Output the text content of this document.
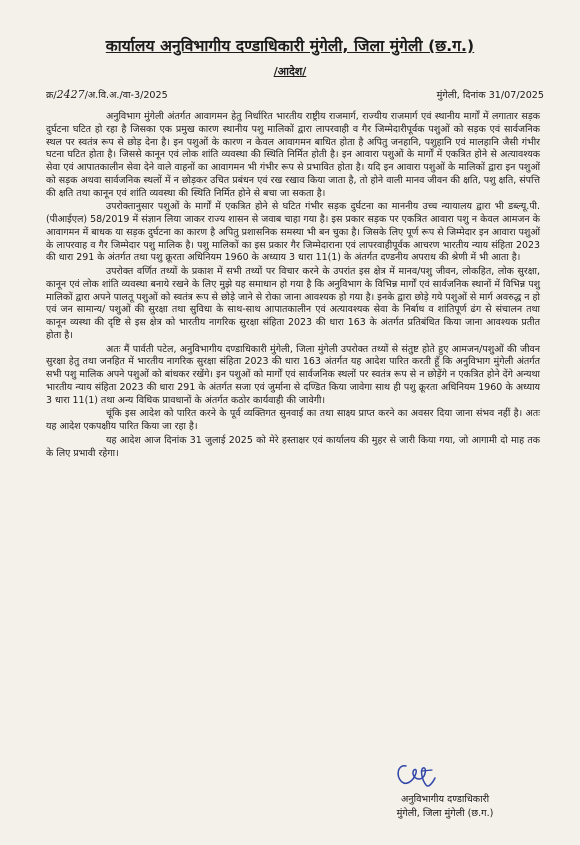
कार्यालय अनुविभागीय दण्डाधिकारी मुंगेली, जिला मुंगेली (छ.ग.)
/आदेश/
क्र/2427/अ.वि.अ./वा-3/2025	मुंगेली, दिनांक 31/07/2025

अनुविभाग मुंगेली अंतर्गत आवागमन हेतु निर्धारित भारतीय राष्ट्रीय राजमार्ग, राज्यीय राजमार्ग एवं स्थानीय मार्गों में लगातार सड़क दुर्घटना घटित हो रहा है जिसका एक प्रमुख कारण स्थानीय पशु मालिकों द्वारा लापरवाही व गैर जिम्मेदारीपूर्वक पशुओं को सड़क एवं सार्वजनिक स्थल पर स्वतंत्र रूप से छोड़ देना है। इन पशुओं के कारण न केवल आवागमन बाधित होता है अपितु जनहानि, पशुहानि एवं मालहानि जैसी गंभीर घटना घटित होता है। जिससे कानून एवं लोक शांति व्यवस्था की स्थिति निर्मित होती है। इन आवारा पशुओं के मार्गों में एकत्रित होने से अत्यावश्यक सेवा एवं आपातकालीन सेवा देने वाले वाहनों का आवागमन भी गंभीर रूप से प्रभावित होता है। यदि इन आवारा पशुओं के मालिकों द्वारा इन पशुओं को सड़क अथवा सार्वजनिक स्थलों में न छोड़कर उचित प्रबंधन एवं रख रखाव किया जाता है, तो होने वाली मानव जीवन की क्षति, पशु क्षति, संपत्ति की क्षति तथा कानून एवं शांति व्यवस्था की स्थिति निर्मित होने से बचा जा सकता है।

उपरोक्तानुसार पशुओं के मार्गों में एकत्रित होने से घटित गंभीर सड़क दुर्घटना का माननीय उच्च न्यायालय द्वारा भी डब्ल्यू.पी. (पीआईएल) 58/2019 में संज्ञान लिया जाकर राज्य शासन से जवाब चाहा गया है। इस प्रकार सड़क पर एकत्रित आवारा पशु न केवल आमजन के आवागमन में बाधक या सड़क दुर्घटना का कारण है अपितु प्रशासनिक समस्या भी बन चुका है। जिसके लिए पूर्ण रूप से जिम्मेदार इन आवारा पशुओं के लापरवाह व गैर जिम्मेदार पशु मालिक है। पशु मालिकों का इस प्रकार गैर जिम्मेदाराना एवं लापरवाहीपूर्वक आचरण भारतीय न्याय संहिता 2023 की धारा 291 के अंतर्गत तथा पशु क्रूरता अधिनियम 1960 के अध्याय 3 धारा 11(1) के अंतर्गत दण्डनीय अपराध की श्रेणी में भी आता है।

उपरोक्त वर्णित तथ्यों के प्रकाश में सभी तथ्यों पर विचार करने के उपरांत इस क्षेत्र में मानव/पशु जीवन, लोकहित, लोक सुरक्षा, कानून एवं लोक शांति व्यवस्था बनाये रखने के लिए मुझे यह समाधान हो गया है कि अनुविभाग के विभिन्न मार्गों एवं सार्वजनिक स्थानों में विभिन्न पशु मालिकों द्वारा अपने पालतू पशुओं को स्वतंत्र रूप से छोड़े जाने से रोका जाना आवश्यक हो गया है। इनके द्वारा छोड़े गये पशुओं से मार्ग अवरुद्ध न हो एवं जन सामान्य/ पशुओं की सुरक्षा तथा सुविधा के साथ-साथ आपातकालीन एवं अत्यावश्यक सेवा के निर्बाध व शांतिपूर्ण ढंग से संचालन तथा कानून व्यस्था की दृष्टि से इस क्षेत्र को भारतीय नागरिक सुरक्षा संहिता 2023 की धारा 163 के अंतर्गत प्रतिबंधित किया जाना आवश्यक प्रतीत होता है।

अतः मैं पार्वती पटेल, अनुविभागीय दण्डाधिकारी मुंगेली, जिला मुंगेली उपरोक्त तथ्यों से संतुष्ट होते हुए आमजन/पशुओं की जीवन सुरक्षा हेतु तथा जनहित में भारतीय नागरिक सुरक्षा संहिता 2023 की धारा 163 अंतर्गत यह आदेश पारित करती हूँ कि अनुविभाग मुंगेली अंतर्गत सभी पशु मालिक अपने पशुओं को बांधकर रखेंगे। इन पशुओं को मार्गों एवं सार्वजनिक स्थलों पर स्वतंत्र रूप से न छोड़ेंगे न एकत्रित होने देंगे अन्यथा भारतीय न्याय संहिता 2023 की धारा 291 के अंतर्गत सजा एवं जुर्माना से दण्डित किया जावेगा साथ ही पशु क्रूरता अधिनियम 1960 के अध्याय 3 धारा 11(1) तथा अन्य विधिक प्रावधानों के अंतर्गत कठोर कार्यवाही की जावेगी।

चूंकि इस आदेश को पारित करने के पूर्व व्यक्तिगत सुनवाई का तथा साक्ष्य प्राप्त करने का अवसर दिया जाना संभव नहीं है। अतः यह आदेश एकपक्षीय पारित किया जा रहा है।

यह आदेश आज दिनांक 31 जुलाई 2025 को मेरे हस्ताक्षर एवं कार्यालय की मुहर से जारी किया गया, जो आगामी दो माह तक के लिए प्रभावी रहेगा।

अनुविभागीय दण्डाधिकारी
मुंगेली, जिला मुंगेली (छ.ग.)
